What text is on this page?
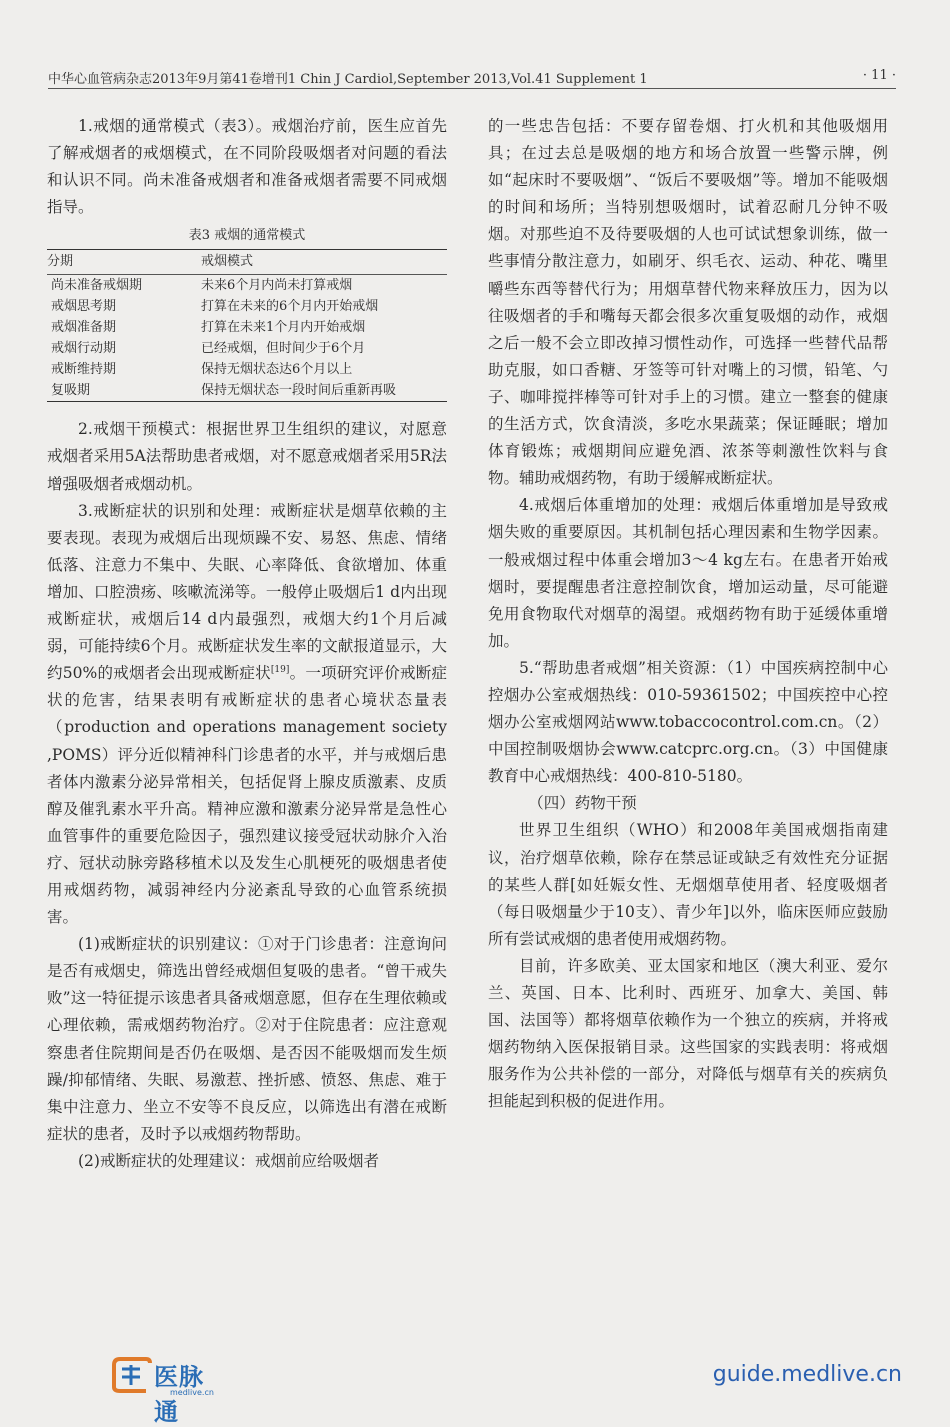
中华心血管病杂志2013年9月第41卷增刊1 Chin J Cardiol,September 2013,Vol.41 Supplement 1	· 11 ·

1.戒烟的通常模式（表3）。戒烟治疗前，医生应首先了解戒烟者的戒烟模式，在不同阶段吸烟者对问题的看法和认识不同。尚未准备戒烟者和准备戒烟者需要不同戒烟指导。

表3 戒烟的通常模式
分期	戒烟模式
尚未准备戒烟期	未来6个月内尚未打算戒烟
戒烟思考期	打算在未来的6个月内开始戒烟
戒烟准备期	打算在未来1个月内开始戒烟
戒烟行动期	已经戒烟，但时间少于6个月
戒断维持期	保持无烟状态达6个月以上
复吸期	保持无烟状态一段时间后重新再吸

2.戒烟干预模式：根据世界卫生组织的建议，对愿意戒烟者采用5A法帮助患者戒烟，对不愿意戒烟者采用5R法增强吸烟者戒烟动机。

3.戒断症状的识别和处理：戒断症状是烟草依赖的主要表现。表现为戒烟后出现烦躁不安、易怒、焦虑、情绪低落、注意力不集中、失眠、心率降低、食欲增加、体重增加、口腔溃疡、咳嗽流涕等。一般停止吸烟后1 d内出现戒断症状，戒烟后14 d内最强烈，戒烟大约1个月后减弱，可能持续6个月。戒断症状发生率的文献报道显示，大约50%的戒烟者会出现戒断症状[19]。一项研究评价戒断症状的危害，结果表明有戒断症状的患者心境状态量表（production and operations management society ,POMS）评分近似精神科门诊患者的水平，并与戒烟后患者体内激素分泌异常相关，包括促肾上腺皮质激素、皮质醇及催乳素水平升高。精神应激和激素分泌异常是急性心血管事件的重要危险因子，强烈建议接受冠状动脉介入治疗、冠状动脉旁路移植术以及发生心肌梗死的吸烟患者使用戒烟药物，减弱神经内分泌紊乱导致的心血管系统损害。

(1)戒断症状的识别建议：①对于门诊患者：注意询问是否有戒烟史，筛选出曾经戒烟但复吸的患者。“曾干戒失败”这一特征提示该患者具备戒烟意愿，但存在生理依赖或心理依赖，需戒烟药物治疗。②对于住院患者：应注意观察患者住院期间是否仍在吸烟、是否因不能吸烟而发生烦躁/抑郁情绪、失眠、易激惹、挫折感、愤怒、焦虑、难于集中注意力、坐立不安等不良反应，以筛选出有潜在戒断症状的患者，及时予以戒烟药物帮助。

(2)戒断症状的处理建议：戒烟前应给吸烟者

的一些忠告包括：不要存留卷烟、打火机和其他吸烟用具；在过去总是吸烟的地方和场合放置一些警示牌，例如“起床时不要吸烟”、“饭后不要吸烟”等。增加不能吸烟的时间和场所；当特别想吸烟时，试着忍耐几分钟不吸烟。对那些迫不及待要吸烟的人也可试试想象训练，做一些事情分散注意力，如刷牙、织毛衣、运动、种花、嘴里嚼些东西等替代行为；用烟草替代物来释放压力，因为以往吸烟者的手和嘴每天都会很多次重复吸烟的动作，戒烟之后一般不会立即改掉习惯性动作，可选择一些替代品帮助克服，如口香糖、牙签等可针对嘴上的习惯，铅笔、勺子、咖啡搅拌棒等可针对手上的习惯。建立一整套的健康的生活方式，饮食清淡，多吃水果蔬菜；保证睡眠；增加体育锻炼；戒烟期间应避免酒、浓茶等刺激性饮料与食物。辅助戒烟药物，有助于缓解戒断症状。

4.戒烟后体重增加的处理：戒烟后体重增加是导致戒烟失败的重要原因。其机制包括心理因素和生物学因素。一般戒烟过程中体重会增加3～4 kg左右。在患者开始戒烟时，要提醒患者注意控制饮食，增加运动量，尽可能避免用食物取代对烟草的渴望。戒烟药物有助于延缓体重增加。

5.“帮助患者戒烟”相关资源：（1）中国疾病控制中心控烟办公室戒烟热线：010-59361502；中国疾控中心控烟办公室戒烟网站www.tobaccocontrol.com.cn。（2）中国控制吸烟协会www.catcprc.org.cn。（3）中国健康教育中心戒烟热线：400-810-5180。

（四）药物干预

世界卫生组织（WHO）和2008年美国戒烟指南建议，治疗烟草依赖，除存在禁忌证或缺乏有效性充分证据的某些人群[如妊娠女性、无烟烟草使用者、轻度吸烟者（每日吸烟量少于10支）、青少年]以外，临床医师应鼓励所有尝试戒烟的患者使用戒烟药物。

目前，许多欧美、亚太国家和地区（澳大利亚、爱尔兰、英国、日本、比利时、西班牙、加拿大、美国、韩国、法国等）都将烟草依赖作为一个独立的疾病，并将戒烟药物纳入医保报销目录。这些国家的实践表明：将戒烟服务作为公共补偿的一部分，对降低与烟草有关的疾病负担能起到积极的促进作用。

医脉通
medlive.cn
guide.medlive.cn
